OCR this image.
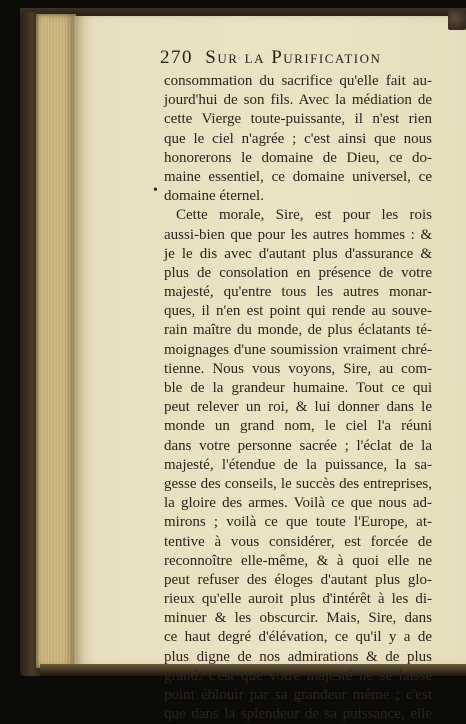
270 Sur la Purification
•
consommation du sacrifice qu'elle fait au-
jourd'hui de son fils. Avec la médiation de
cette Vierge toute-puissante, il n'est rien
que le ciel n'agrée ; c'est ainsi que nous
honorerons le domaine de Dieu, ce do-
maine essentiel, ce domaine universel, ce
domaine éternel.
Cette morale, Sire, est pour les rois
aussi-bien que pour les autres hommes : &
je le dis avec d'autant plus d'assurance &
plus de consolation en présence de votre
majesté, qu'entre tous les autres monar-
ques, il n'en est point qui rende au souve-
rain maître du monde, de plus éclatants té-
moignages d'une soumission vraiment chré-
tienne. Nous vous voyons, Sire, au com-
ble de la grandeur humaine. Tout ce qui
peut relever un roi, & lui donner dans le
monde un grand nom, le ciel l'a réuni
dans votre personne sacrée ; l'éclat de la
majesté, l'étendue de la puissance, la sa-
gesse des conseils, le succès des entreprises,
la gloire des armes. Voilà ce que nous ad-
mirons ; voilà ce que toute l'Europe, at-
tentive à vous considérer, est forcée de
reconnoître elle-même, & à quoi elle ne
peut refuser des éloges d'autant plus glo-
rieux qu'elle auroit plus d'intérêt à les di-
minuer & les obscurcir. Mais, Sire, dans
ce haut degré d'élévation, ce qu'il y a de
plus digne de nos admirations & de plus
grand, c'est que votre majesté ne se laisse
point éblouir par sa grandeur même ; c'est
que dans la splendeur de sa puissance, elle
